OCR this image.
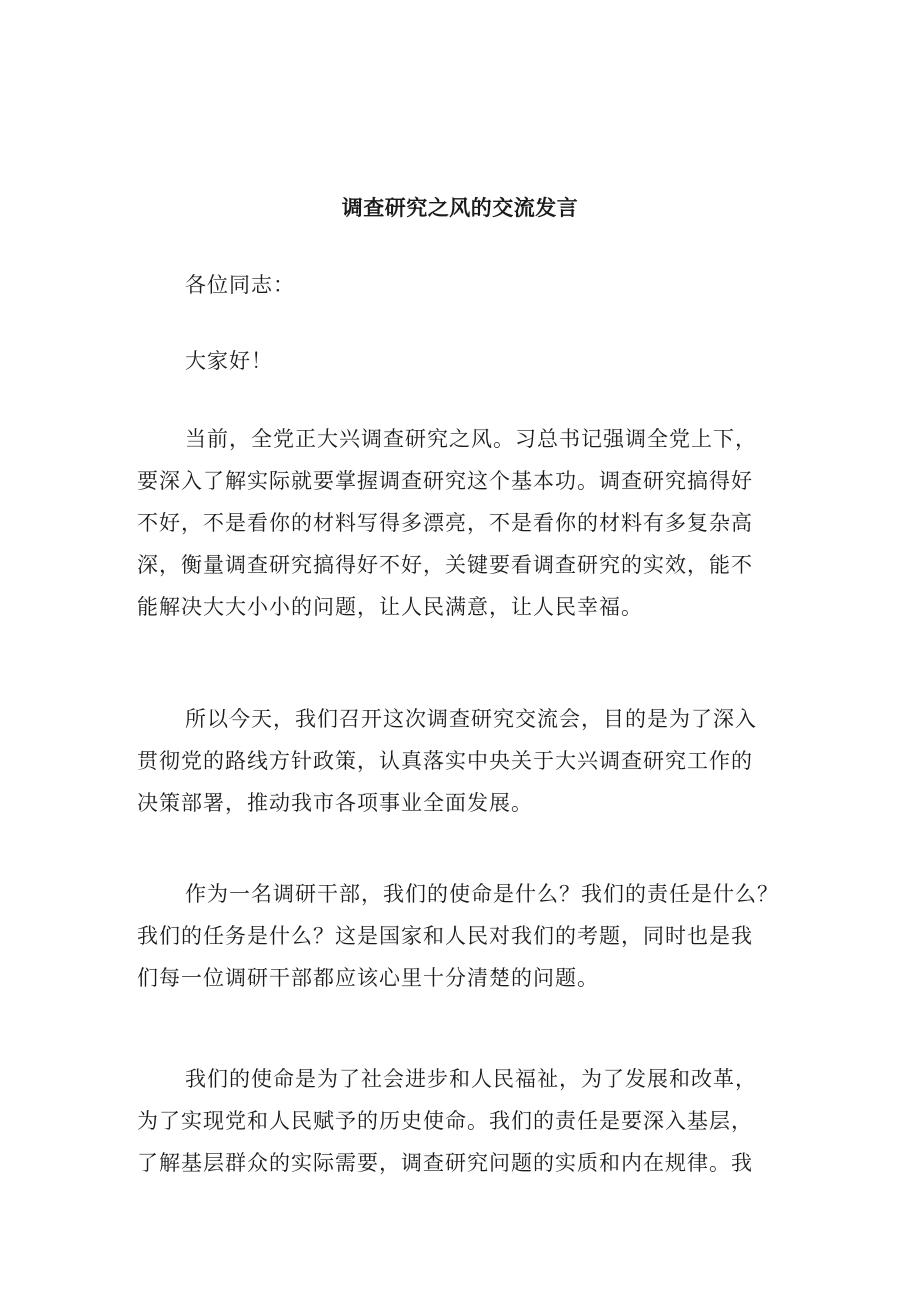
调查研究之风的交流发言

各位同志：

大家好！

当前，全党正大兴调查研究之风。习总书记强调全党上下，
要深入了解实际就要掌握调查研究这个基本功。调查研究搞得好
不好，不是看你的材料写得多漂亮，不是看你的材料有多复杂高
深，衡量调查研究搞得好不好，关键要看调查研究的实效，能不
能解决大大小小的问题，让人民满意，让人民幸福。

所以今天，我们召开这次调查研究交流会，目的是为了深入
贯彻党的路线方针政策，认真落实中央关于大兴调查研究工作的
决策部署，推动我市各项事业全面发展。

作为一名调研干部，我们的使命是什么？我们的责任是什么？
我们的任务是什么？这是国家和人民对我们的考题，同时也是我
们每一位调研干部都应该心里十分清楚的问题。

我们的使命是为了社会进步和人民福祉，为了发展和改革，
为了实现党和人民赋予的历史使命。我们的责任是要深入基层，
了解基层群众的实际需要，调查研究问题的实质和内在规律。我
